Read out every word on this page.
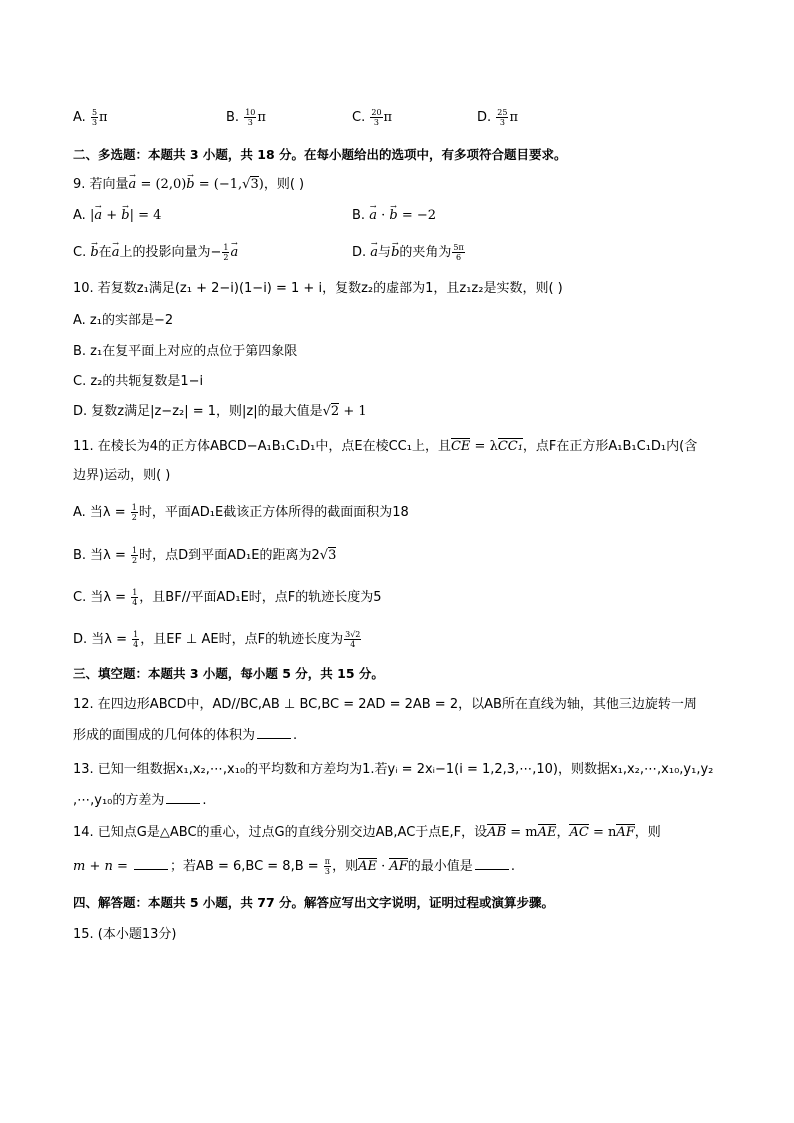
A. $\frac{5}{3}$ π	B. $\frac{10}{3}$ π	C. $\frac{20}{3}$ π	D. $\frac{25}{3}$ π
二、多选题：本题共 3 小题，共 18 分。在每小题给出的选项中，有多项符合题目要求。
9. 若向量→ a = (2,0)→ b = (−1,√3)，则( )
A. |→ a + → b| = 4	B. → a · → b = −2
C. → b在→ a上的投影向量为− $\frac{1}{2}$
→ a	D. → a与→ b的夹角为 $\frac{5\pi}{6}$
10. 若复数z₁满足(z₁ + 2−i)(1−i) = 1 + i，复数z₂的虚部为1，且z₁z₂是实数，则( )
A. z₁的实部是−2
B. z₁在复平面上对应的点位于第四象限
C. z₂的共轭复数是1−i
D. 复数z满足|z−z₂| = 1，则|z|的最大值是√2 + 1
11. 在棱长为4的正方体ABCD−A₁B₁C₁D₁中，点E在棱CC₁上，且CE = λCC₁，点F在正方形A₁B₁C₁D₁内(含
边界)运动，则( )
A. 当$\lambda = \frac{1}{2}$ 时，平面AD₁E截该正方体所得的截面面积为18
B. 当$\lambda = \frac{1}{2}$ 时，点D到平面AD₁E的距离为2√3
C. 当$\lambda = \frac{1}{4}$ ，且BF//平面AD₁E时，点F的轨迹长度为5
D. 当$\lambda = \frac{1}{4}$ ，且EF ⊥ AE时，点F的轨迹长度为 $\frac{3√2}{4}$
三、填空题：本题共 3 小题，每小题 5 分，共 15 分。
12. 在四边形ABCD中，AD//BC,AB ⊥ BC,BC = 2AD = 2AB = 2，以AB所在直线为轴，其他三边旋转一周
形成的面围成的几何体的体积为	.
13. 已知一组数据x₁,x₂,⋯,x₁₀的平均数和方差均为1.若yᵢ = 2xᵢ−1(i = 1,2,3,⋯,10)，则数据x₁,x₂,⋯,x₁₀,y₁,y₂
,⋯,y₁₀的方差为	.
14. 已知点G是△ABC的重心，过点G的直线分别交边AB,AC于点E,F，设AB = mAE，AC = nAF，则
m + n =	；若AB = $6,BC = 8,B = \frac{\pi}{3}$ ，则AE · AF的最小值是	.
四、解答题：本题共 5 小题，共 77 分。解答应写出文字说明，证明过程或演算步骤。
15. (本小题13分)
